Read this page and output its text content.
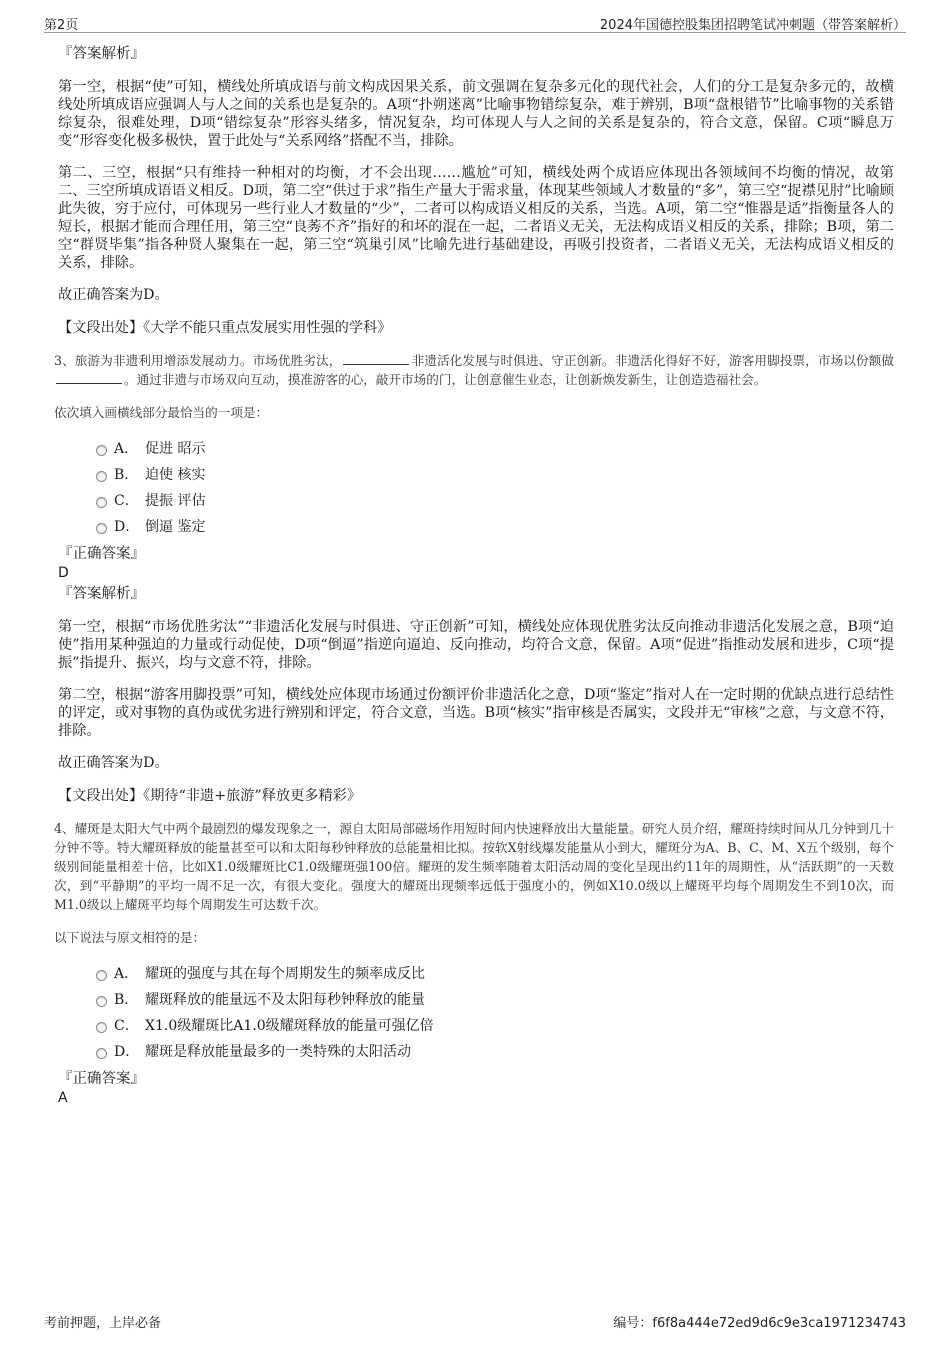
第2页	2024年国德控股集团招聘笔试冲刺题（带答案解析）
『答案解析』

第一空，根据“使”可知，横线处所填成语与前文构成因果关系，前文强调在复杂多元化的现代社会，人们的分工是复杂多元的，故横线处所填成语应强调人与人之间的关系也是复杂的。A项“扑朔迷离”比喻事物错综复杂，难于辨别，B项“盘根错节”比喻事物的关系错综复杂，很难处理，D项“错综复杂”形容头绪多，情况复杂，均可体现人与人之间的关系是复杂的，符合文意，保留。C项“瞬息万变”形容变化极多极快，置于此处与“关系网络”搭配不当，排除。

第二、三空，根据“只有维持一种相对的均衡，才不会出现……尴尬”可知，横线处两个成语应体现出各领域间不均衡的情况，故第二、三空所填成语语义相反。D项，第二空“供过于求”指生产量大于需求量，体现某些领域人才数量的“多”，第三空“捉襟见肘”比喻顾此失彼，穷于应付，可体现另一些行业人才数量的“少”，二者可以构成语义相反的关系，当选。A项，第二空“惟器是适”指衡量各人的短长，根据才能而合理任用，第三空“良莠不齐”指好的和坏的混在一起，二者语义无关，无法构成语义相反的关系，排除；B项，第二空“群贤毕集”指各种贤人聚集在一起，第三空“筑巢引凤”比喻先进行基础建设，再吸引投资者，二者语义无关，无法构成语义相反的关系，排除。

故正确答案为D。

【文段出处】《大学不能只重点发展实用性强的学科》

3、旅游为非遗利用增添发展动力。市场优胜劣汰，	非遗活化发展与时俱进、守正创新。非遗活化得好不好，游客用脚投票，市场以份额做。通过非遗与市场双向互动，摸准游客的心，敲开市场的门，让创意催生业态，让创新焕发新生，让创造造福社会。

依次填入画横线部分最恰当的一项是：

A． 促进 昭示
B． 迫使 核实
C． 提振 评估
D． 倒逼 鉴定
『正确答案』
D
『答案解析』

第一空，根据“市场优胜劣汰”“非遗活化发展与时俱进、守正创新”可知，横线处应体现优胜劣汰反向推动非遗活化发展之意，B项“迫使”指用某种强迫的力量或行动促使，D项“倒逼”指逆向逼迫、反向推动，均符合文意，保留。A项“促进”指推动发展和进步，C项“提振”指提升、振兴，均与文意不符，排除。

第二空，根据“游客用脚投票”可知，横线处应体现市场通过份额评价非遗活化之意，D项“鉴定”指对人在一定时期的优缺点进行总结性的评定，或对事物的真伪或优劣进行辨别和评定，符合文意，当选。B项“核实”指审核是否属实，文段并无“审核”之意，与文意不符，排除。

故正确答案为D。

【文段出处】《期待“非遗+旅游”释放更多精彩》

4、耀斑是太阳大气中两个最剧烈的爆发现象之一，源自太阳局部磁场作用短时间内快速释放出大量能量。研究人员介绍，耀斑持续时间从几分钟到几十分钟不等。特大耀斑释放的能量甚至可以和太阳每秒钟释放的总能量相比拟。按软X射线爆发能量从小到大，耀斑分为A、B、C、M、X五个级别，每个级别间能量相差十倍，比如X1.0级耀斑比C1.0级耀斑强100倍。耀斑的发生频率随着太阳活动周的变化呈现出约11年的周期性，从“活跃期”的一天数次，到“平静期”的平均一周不足一次，有很大变化。强度大的耀斑出现频率远低于强度小的，例如X10.0级以上耀斑平均每个周期发生不到10次，而M1.0级以上耀斑平均每个周期发生可达数千次。

以下说法与原文相符的是：

A． 耀斑的强度与其在每个周期发生的频率成反比
B． 耀斑释放的能量远不及太阳每秒钟释放的能量
C． X1.0级耀斑比A1.0级耀斑释放的能量可强亿倍
D． 耀斑是释放能量最多的一类特殊的太阳活动
『正确答案』
A
考前押题，上岸必备	编号：f6f8a444e72ed9d6c9e3ca1971234743
